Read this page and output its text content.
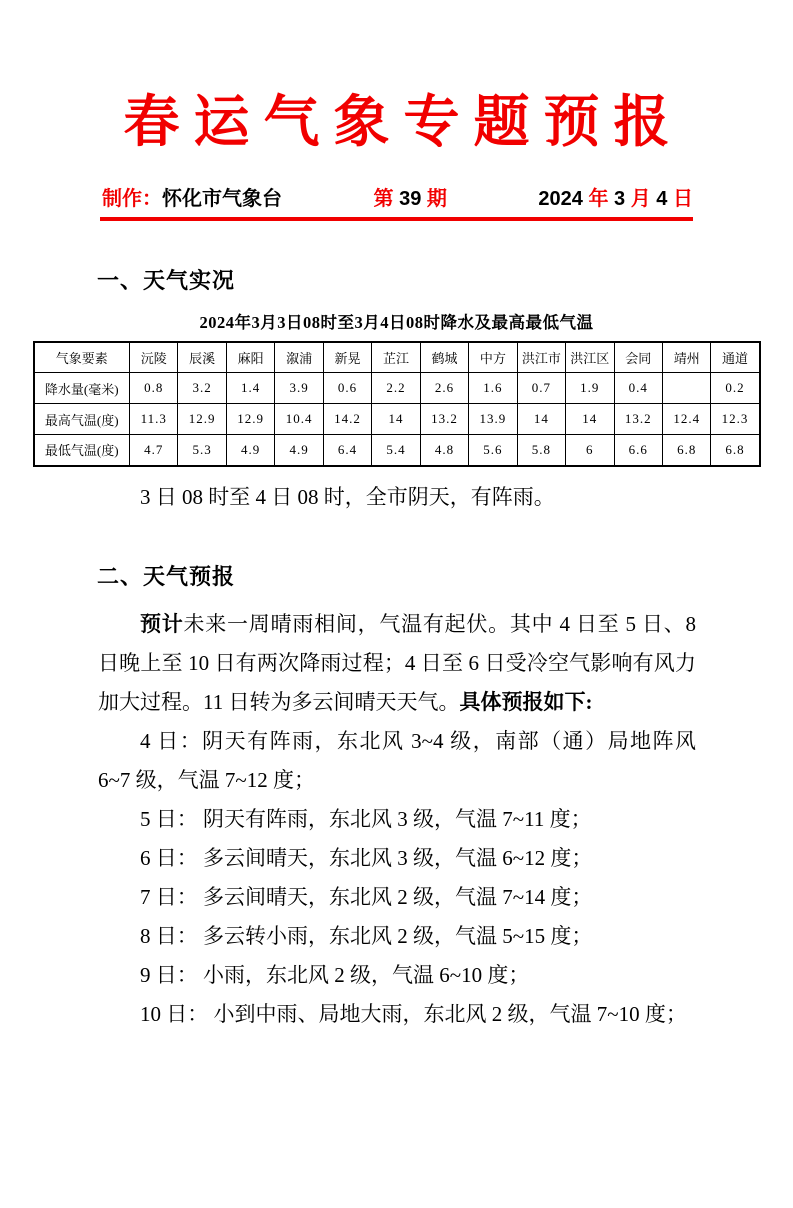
春运气象专题预报
制作：怀化市气象台	第 39 期	2024 年 3 月 4 日
一、天气实况
2024年3月3日08时至3月4日08时降水及最高最低气温
气象要素	沅陵	辰溪	麻阳	溆浦	新晃	芷江	鹤城	中方	洪江市	洪江区	会同	靖州	通道
降水量(毫米)	0.8	3.2	1.4	3.9	0.6	2.2	2.6	1.6	0.7	1.9	0.4		0.2
最高气温(度)	11.3	12.9	12.9	10.4	14.2	14	13.2	13.9	14	14	13.2	12.4	12.3
最低气温(度)	4.7	5.3	4.9	4.9	6.4	5.4	4.8	5.6	5.8	6	6.6	6.8	6.8

3 日 08 时至 4 日 08 时，全市阴天，有阵雨。

二、天气预报

预计未来一周晴雨相间，气温有起伏。其中 4 日至 5 日、8 日晚上至 10 日有两次降雨过程；4 日至 6 日受冷空气影响有风力加大过程。11 日转为多云间晴天天气。具体预报如下:

4 日：阴天有阵雨，东北风 3~4 级，南部（通）局地阵风 6~7 级，气温 7~12 度；

5 日： 阴天有阵雨，东北风 3 级，气温 7~11 度；

6 日： 多云间晴天，东北风 3 级，气温 6~12 度；

7 日： 多云间晴天，东北风 2 级，气温 7~14 度；

8 日： 多云转小雨，东北风 2 级，气温 5~15 度；

9 日： 小雨，东北风 2 级，气温 6~10 度；

10 日： 小到中雨、局地大雨，东北风 2 级，气温 7~10 度；
